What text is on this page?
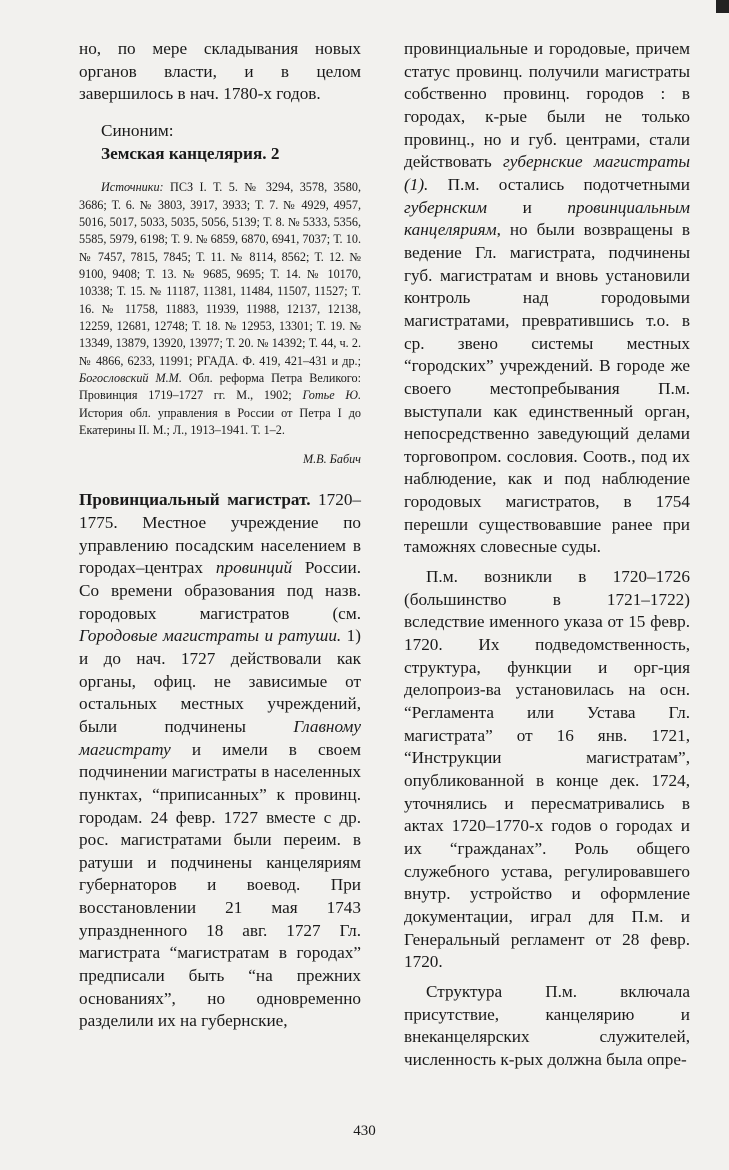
но, по мере складывания новых органов власти, и в целом завершилось в нач. 1780-х годов.

Синоним:
Земская канцелярия. 2

Источники: ПСЗ I. Т. 5. № 3294, 3578, 3580, 3686; Т. 6. № 3803, 3917, 3933; Т. 7. № 4929, 4957, 5016, 5017, 5033, 5035, 5056, 5139; Т. 8. № 5333, 5356, 5585, 5979, 6198; Т. 9. № 6859, 6870, 6941, 7037; Т. 10. № 7457, 7815, 7845; Т. 11. № 8114, 8562; Т. 12. № 9100, 9408; Т. 13. № 9685, 9695; Т. 14. № 10170, 10338; Т. 15. № 11187, 11381, 11484, 11507, 11527; Т. 16. № 11758, 11883, 11939, 11988, 12137, 12138, 12259, 12681, 12748; Т. 18. № 12953, 13301; Т. 19. № 13349, 13879, 13920, 13977; Т. 20. № 14392; Т. 44, ч. 2. № 4866, 6233, 11991; РГАДА. Ф. 419, 421–431 и др.; Богословский М.М. Обл. реформа Петра Великого: Провинция 1719–1727 гг. М., 1902; Готье Ю. История обл. управления в России от Петра I до Екатерины II. М.; Л., 1913–1941. Т. 1–2.

М.В. Бабич

Провинциальный магистрат. 1720–1775. Местное учреждение по управлению посадским населением в городах–центрах провинций России. Со времени образования под назв. городовых магистратов (см. Городовые магистраты и ратуши. 1) и до нач. 1727 действовали как органы, офиц. не зависимые от остальных местных учреждений, были подчинены Главному магистрату и имели в своем подчинении магистраты в населенных пунктах, “приписанных” к провинц. городам. 24 февр. 1727 вместе с др. рос. магистратами были переим. в ратуши и подчинены канцеляриям губернаторов и воевод. При восстановлении 21 мая 1743 упраздненного 18 авг. 1727 Гл. магистрата “магистратам в городах” предписали быть “на прежних основаниях”, но одновременно разделили их на губернские,

провинциальные и городовые, причем статус провинц. получили магистраты собственно провинц. городов : в городах, к-рые были не только провинц., но и губ. центрами, стали действовать губернские магистраты (1). П.м. остались подотчетными губернским и провинциальным канцеляриям, но были возвращены в ведение Гл. магистрата, подчинены губ. магистратам и вновь установили контроль над городовыми магистратами, превратившись т.о. в ср. звено системы местных “городских” учреждений. В городе же своего местопребывания П.м. выступали как единственный орган, непосредственно заведующий делами торговопром. сословия. Соотв., под их наблюдение, как и под наблюдение городовых магистратов, в 1754 перешли существовавшие ранее при таможнях словесные суды.

П.м. возникли в 1720–1726 (большинство в 1721–1722) вследствие именного указа от 15 февр. 1720. Их подведомственность, структура, функции и орг-ция делопроиз-ва установилась на осн. “Регламента или Устава Гл. магистрата” от 16 янв. 1721, “Инструкции магистратам”, опубликованной в конце дек. 1724, уточнялись и пересматривались в актах 1720–1770-х годов о городах и их “гражданах”. Роль общего служебного устава, регулировавшего внутр. устройство и оформление документации, играл для П.м. и Генеральный регламент от 28 февр. 1720.

Структура П.м. включала присутствие, канцелярию и внеканцелярских служителей, численность к-рых должна была опре-

430
